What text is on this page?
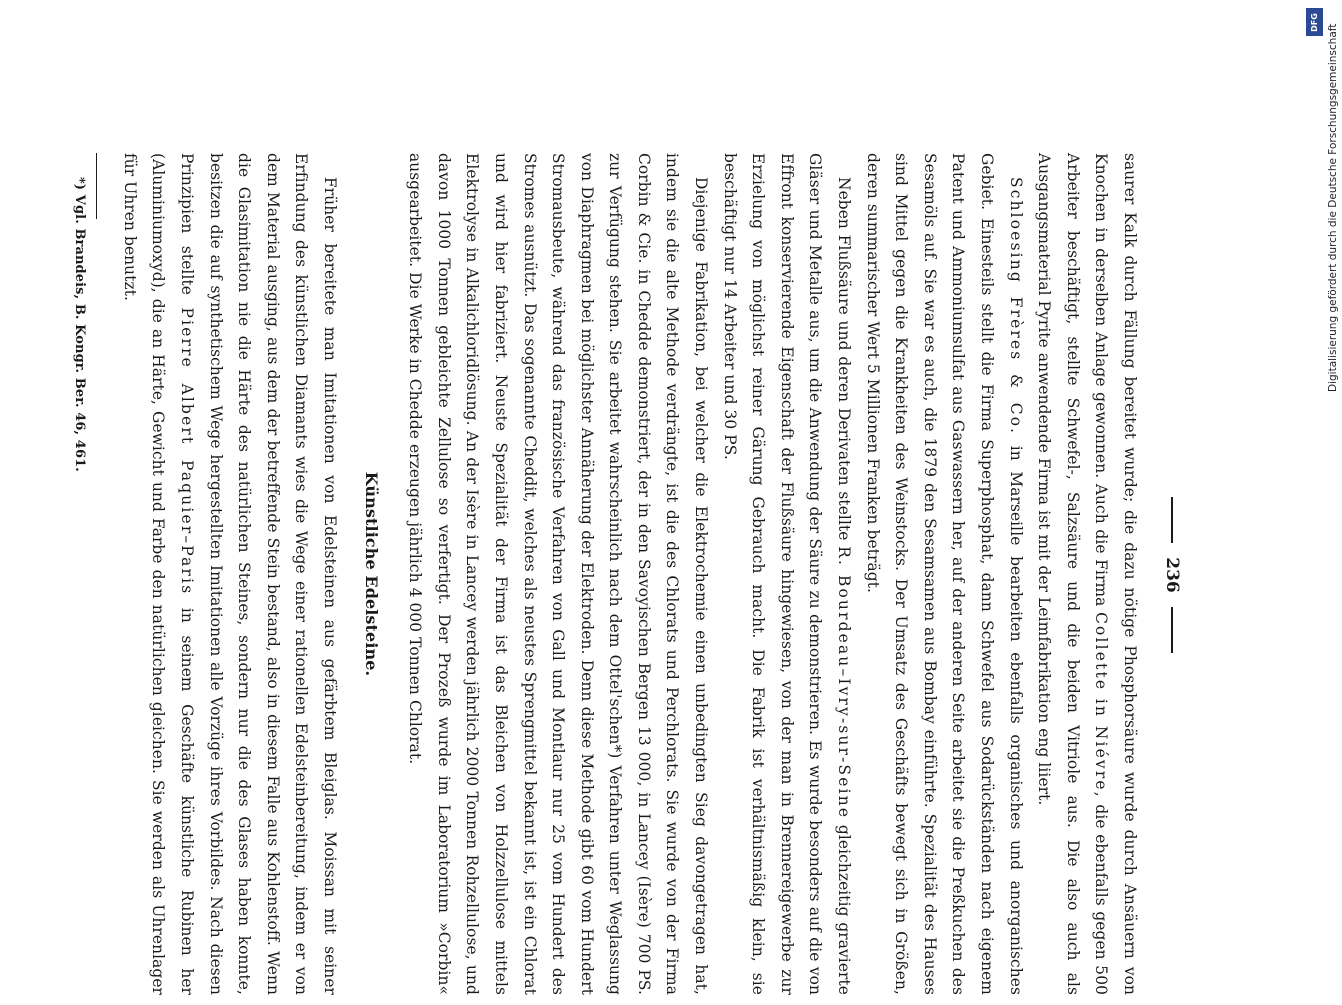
236

saurer Kalk durch Fällung bereitet wurde; die dazu nötige Phosphorsäure wurde durch Ansäuern von Knochen in derselben Anlage gewonnen. Auch die Firma Collette in Niévre, die ebenfalls gegen 500 Arbeiter beschäftigt, stellte Schwefel-, Salzsäure und die beiden Vitriole aus. Die also auch als Ausgangsmaterial Pyrite anwendende Firma ist mit der Leimfabrikation eng liiert.

Schloesing Frères & Co. in Marseille bearbeiten ebenfalls organisches und anorganisches Gebiet. Einesteils stellt die Firma Superphosphat, dann Schwefel aus Sodarückständen nach eigenem Patent und Ammoniumsulfat aus Gaswassern her, auf der anderen Seite arbeitet sie die Preßkuchen des Sesamöls auf. Sie war es auch, die 1879 den Sesamsamen aus Bombay einführte. Spezialität des Hauses sind Mittel gegen die Krankheiten des Weinstocks. Der Umsatz des Geschäfts bewegt sich in Größen, deren summarischer Wert 5 Millionen Franken beträgt.

Neben Flußsäure und deren Derivaten stellte R. Bourdeau–Ivry-sur-Seine gleichzeitig gravierte Gläser und Metalle aus, um die Anwendung der Säure zu demonstrieren. Es wurde besonders auf die von Effront konservierende Eigenschaft der Flußsäure hingewiesen, von der man in Brennereigewerbe zur Erzielung von möglichst reiner Gärung Gebrauch macht. Die Fabrik ist verhältnismäßig klein, sie beschäftigt nur 14 Arbeiter und 30 PS.

Diejenige Fabrikation, bei welcher die Elektrochemie einen unbedingten Sieg davongetragen hat, indem sie die alte Methode verdrängte, ist die des Chlorats und Perchlorats. Sie wurde von der Firma Corbin & Cie. in Chedde demonstriert, der in den Savoyischen Bergen 13 000, in Lancey (Isère) 700 PS. zur Verfügung stehen. Sie arbeitet wahrscheinlich nach dem Ottel'schen*) Verfahren unter Weglassung von Diaphragmen bei möglichster Annäherung der Elektroden. Denn diese Methode gibt 60 vom Hundert Stromausbeute, während das französische Verfahren von Gall und Montlaur nur 25 vom Hundert des Stromes ausnützt. Das sogenannte Cheddit, welches als neustes Sprengmittel bekannt ist, ist ein Chlorat und wird hier fabriziert. Neuste Spezialität der Firma ist das Bleichen von Holzzellulose mittels Elektrolyse in Alkalichloridlösung. An der Isère in Lancey werden jährlich 2000 Tonnen Rohzellulose, und davon 1000 Tonnen gebleichte Zellulose so verfertigt. Der Prozeß wurde im Laboratorium »Corbin« ausgearbeitet. Die Werke in Chedde erzeugen jährlich 4 000 Tonnen Chlorat.

Künstliche Edelsteine.

Früher bereitete man Imitationen von Edelsteinen aus gefärbtem Bleiglas. Moissan mit seiner Erfindung des künstlichen Diamants wies die Wege einer rationellen Edelsteinbereitung, indem er von dem Material ausging, aus dem der betreffende Stein bestand, also in diesem Falle aus Kohlenstoff. Wenn die Glasimitation nie die Härte des natürlichen Steines, sondern nur die des Glases haben konnte, besitzen die auf synthetischem Wege hergestellten Imitationen alle Vorzüge ihres Vorbildes. Nach diesen Prinzipien stellte Pierre Albert Paquier–Paris in seinem Geschäfte künstliche Rubinen her (Aluminiumoxyd), die an Härte, Gewicht und Farbe den natürlichen gleichen. Sie werden als Uhrenlager für Uhren benutzt.

*) Vgl. Brandeis, B. Kongr. Ber. 46, 461.

DFG
Digitalisierung gefördert durch die Deutsche Forschungsgemeinschaft
